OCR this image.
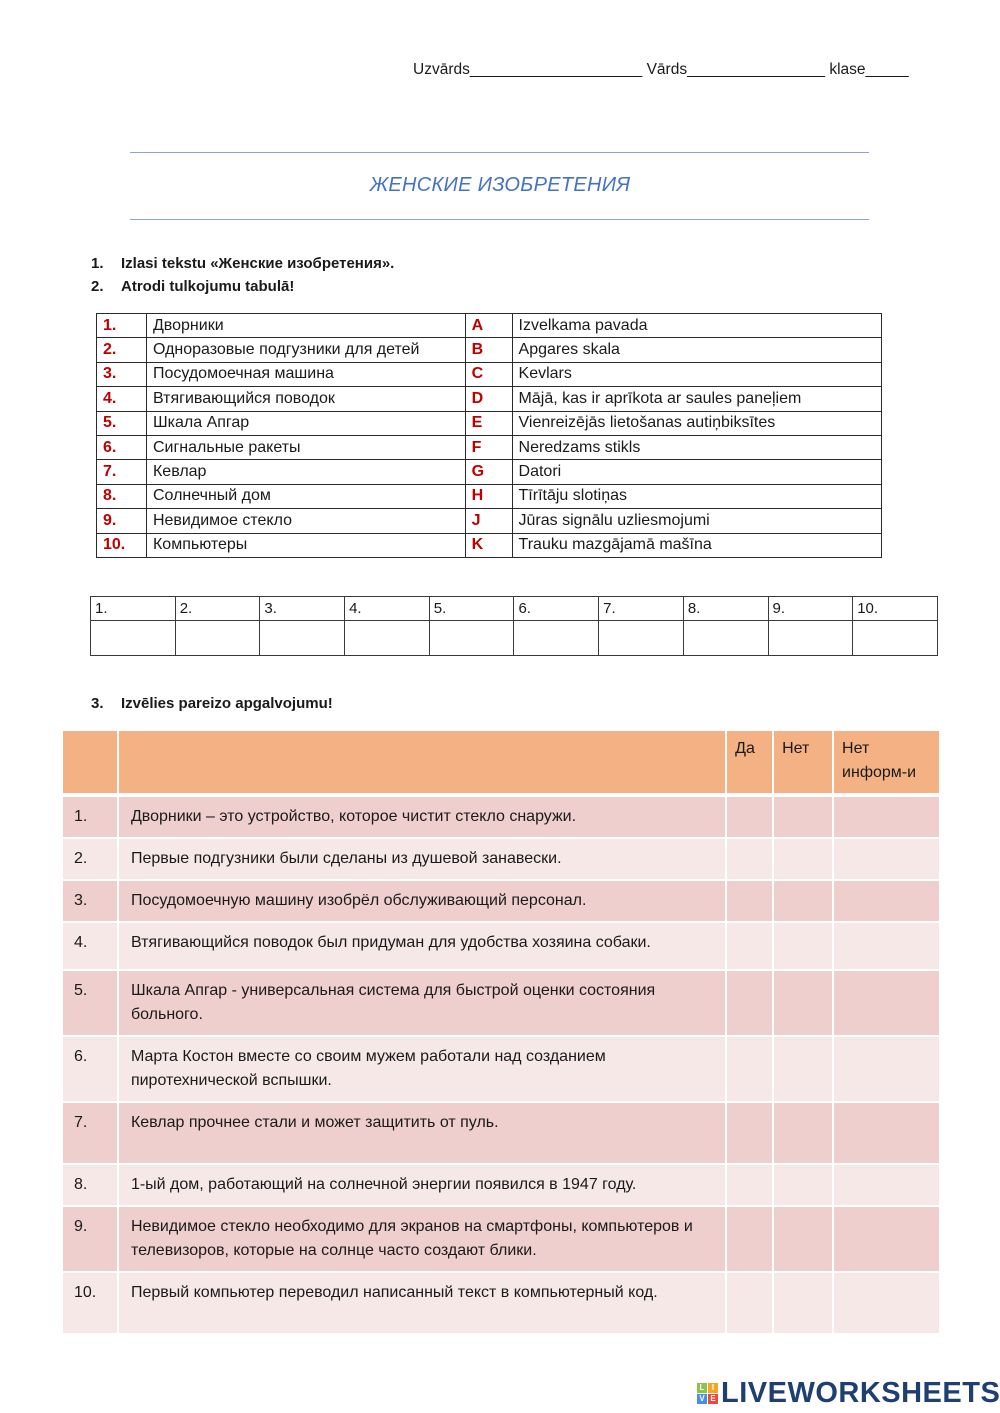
Uzvārds____________________ Vārds________________ klase_____
ЖЕНСКИЕ ИЗОБРЕТЕНИЯ
1. Izlasi tekstu «Женские изобретения».
2. Atrodi tulkojumu tabulā!
1.	Дворники	A	Izvelkama pavada
2.	Одноразовые подгузники для детей	B	Apgares skala
3.	Посудомоечная машина	C	Kevlars
4.	Втягивающийся поводок	D	Mājā, kas ir aprīkota ar saules paneļiem
5.	Шкала Апгар	E	Vienreizējās lietošanas autiņbiksītes
6.	Сигнальные ракеты	F	Neredzams stikls
7.	Кевлар	G	Datori
8.	Солнечный дом	H	Tīrītāju slotiņas
9.	Невидимое стекло	J	Jūras signālu uzliesmojumi
10.	Компьютеры	K	Trauku mazgājamā mašīna
1.	2.	3.	4.	5.	6.	7.	8.	9.	10.

3. Izvēlies pareizo apgalvojumu!
		Да	Нет	Нет информ-и

1.	Дворники – это устройство, которое чистит стекло снаружи.			
2.	Первые подгузники были сделаны из душевой занавески.			
3.	Посудомоечную машину изобрёл обслуживающий персонал.			
4.	Втягивающийся поводок был придуман для удобства хозяина собаки.			
5.	Шкала Апгар - универсальная система для быстрой оценки состояния больного.			
6.	Марта Костон вместе со своим мужем работали над созданием пиротехнической вспышки.			
7.	Кевлар прочнее стали и может защитить от пуль.			
8.	1-ый дом, работающий на солнечной энергии появился в 1947 году.			
9.	Невидимое стекло необходимо для экранов на смартфоны, компьютеров и телевизоров, которые на солнце часто создают блики.			
10.	Первый компьютер переводил написанный текст в компьютерный код.			
L I
V E LIVEWORKSHEETS
